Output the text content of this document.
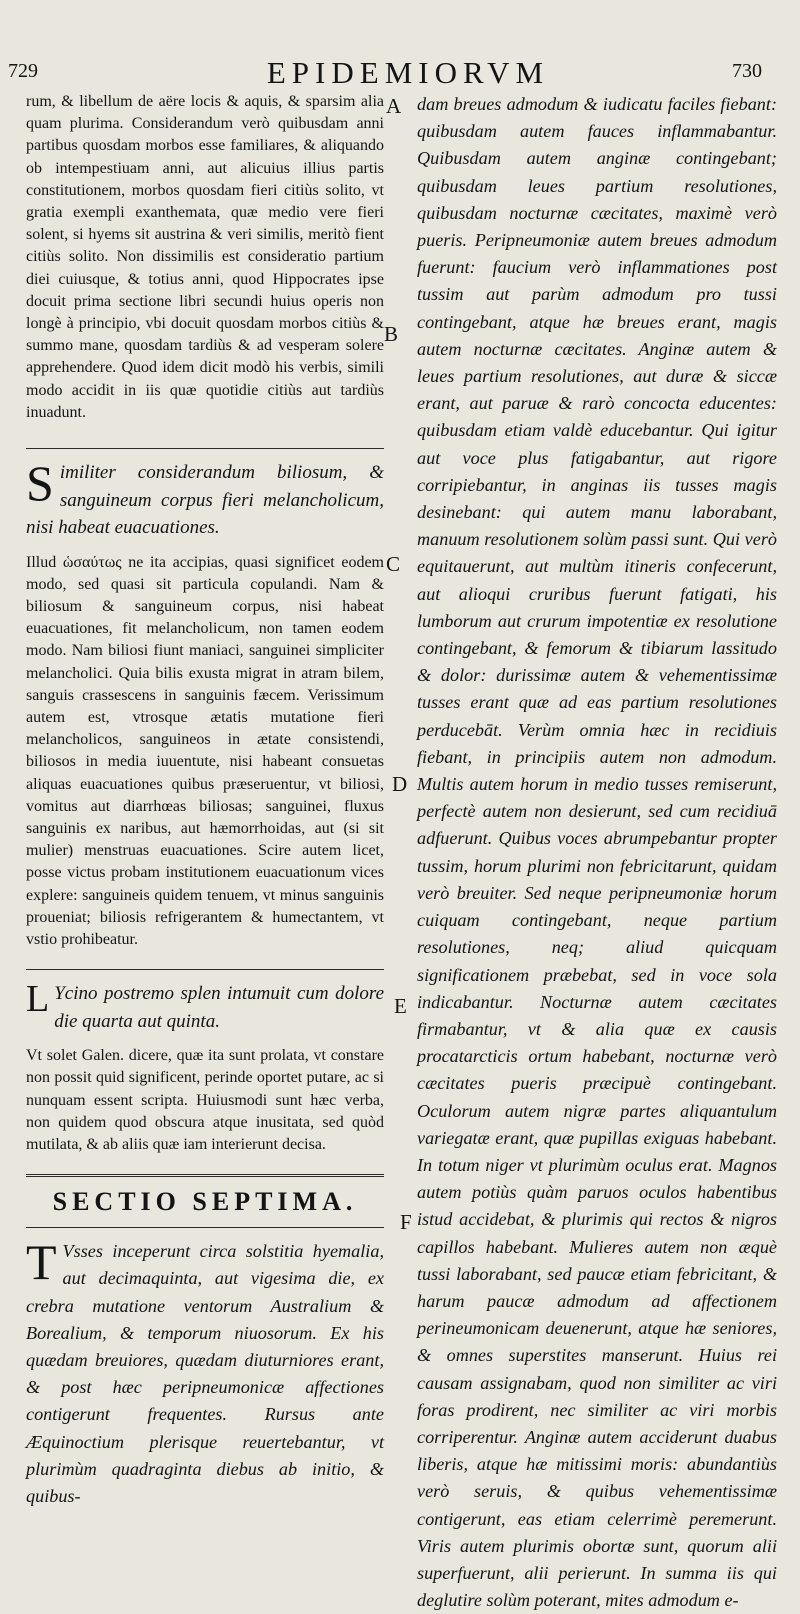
729	EPIDEMIORVM	730
A
B
C
D
E
F

rum, & libellum de aëre locis & aquis, & sparsim alia quam plurima. Considerandum verò quibusdam anni partibus quosdam morbos esse familiares, & aliquando ob intempestiuam anni, aut alicuius illius partis constitutionem, morbos quosdam fieri citiùs solito, vt gratia exempli exanthemata, quæ medio vere fieri solent, si hyems sit austrina & veri similis, meritò fient citiùs solito. Non dissimilis est consideratio partium diei cuiusque, & totius anni, quod Hippocrates ipse docuit prima sectione libri secundi huius operis non longè à principio, vbi docuit quosdam morbos citiùs & summo mane, quosdam tardiùs & ad vesperam solere apprehendere. Quod idem dicit modò his verbis, simili modo accidit in iis quæ quotidie citiùs aut tardiùs inuadunt.

Similiter considerandum biliosum, & sanguineum corpus fieri melancholicum, nisi habeat euacuationes.

Illud ὡσαύτως ne ita accipias, quasi significet eodem modo, sed quasi sit particula copulandi. Nam & biliosum & sanguineum corpus, nisi habeat euacuationes, fit melancholicum, non tamen eodem modo. Nam biliosi fiunt maniaci, sanguinei simpliciter melancholici. Quia bilis exusta migrat in atram bilem, sanguis crassescens in sanguinis fæcem. Verissimum autem est, vtrosque ætatis mutatione fieri melancholicos, sanguineos in ætate consistendi, biliosos in media iuuentute, nisi habeant consuetas aliquas euacuationes quibus præseruentur, vt biliosi, vomitus aut diarrhœas biliosas; sanguinei, fluxus sanguinis ex naribus, aut hæmorrhoidas, aut (si sit mulier) menstruas euacuationes. Scire autem licet, posse victus probam institutionem euacuationum vices explere: sanguineis quidem tenuem, vt minus sanguinis proueniat; biliosis refrigerantem & humectantem, vt vstio prohibeatur.

L Ycino postremo splen intumuit cum dolore die quarta aut quinta.

Vt solet Galen. dicere, quæ ita sunt prolata, vt constare non possit quid significent, perinde oportet putare, ac si nunquam essent scripta. Huiusmodi sunt hæc verba, non quidem quod obscura atque inusitata, sed quòd mutilata, & ab aliis quæ iam interierunt decisa.

SECTIO SEPTIMA.

T Vsses inceperunt circa solstitia hyemalia, aut decimaquinta, aut vigesima die, ex crebra mutatione ventorum Australium & Borealium, & temporum niuosorum. Ex his quædam breuiores, quædam diuturniores erant, & post hæc peripneumonicæ affectiones contigerunt frequentes. Rursus ante Æquinoctium plerisque reuertebantur, vt plurimùm quadraginta diebus ab initio, & quibus-

dam breues admodum & iudicatu faciles fiebant: quibusdam autem fauces inflammabantur. Quibusdam autem anginæ contingebant; quibusdam leues partium resolutiones, quibusdam nocturnæ cæcitates, maximè verò pueris. Peripneumoniæ autem breues admodum fuerunt: faucium verò inflammationes post tussim aut parùm admodum pro tussi contingebant, atque hæ breues erant, magis autem nocturnæ cæcitates. Anginæ autem & leues partium resolutiones, aut duræ & siccæ erant, aut paruæ & rarò concocta educentes: quibusdam etiam valdè educebantur. Qui igitur aut voce plus fatigabantur, aut rigore corripiebantur, in anginas iis tusses magis desinebant: qui autem manu laborabant, manuum resolutionem solùm passi sunt. Qui verò equitauerunt, aut multùm itineris confecerunt, aut alioqui cruribus fuerunt fatigati, his lumborum aut crurum impotentiæ ex resolutione contingebant, & femorum & tibiarum lassitudo & dolor: durissimæ autem & vehementissimæ tusses erant quæ ad eas partium resolutiones perducebāt. Verùm omnia hæc in recidiuis fiebant, in principiis autem non admodum. Multis autem horum in medio tusses remiserunt, perfectè autem non desierunt, sed cum recidiuā adfuerunt. Quibus voces abrumpebantur propter tussim, horum plurimi non febricitarunt, quidam verò breuiter. Sed neque peripneumoniæ horum cuiquam contingebant, neque partium resolutiones, neq; aliud quicquam significationem præbebat, sed in voce sola indicabantur. Nocturnæ autem cæcitates firmabantur, vt & alia quæ ex causis procatarcticis ortum habebant, nocturnæ verò cæcitates pueris præcipuè contingebant. Oculorum autem nigræ partes aliquantulum variegatæ erant, quæ pupillas exiguas habebant. In totum niger vt plurimùm oculus erat. Magnos autem potiùs quàm paruos oculos habentibus istud accidebat, & plurimis qui rectos & nigros capillos habebant. Mulieres autem non æquè tussi laborabant, sed paucæ etiam febricitant, & harum paucæ admodum ad affectionem perineumonicam deuenerunt, atque hæ seniores, & omnes superstites manserunt. Huius rei causam assignabam, quod non similiter ac viri foras prodirent, nec similiter ac viri morbis corriperentur. Anginæ autem acciderunt duabus liberis, atque hæ mitissimi moris: abundantiùs verò seruis, & quibus vehementissimæ contigerunt, eas etiam celerrimè peremerunt. Viris autem plurimis obortæ sunt, quorum alii superfuerunt, alii perierunt. In summa iis qui deglutire solùm poterant, mites admodum e-
